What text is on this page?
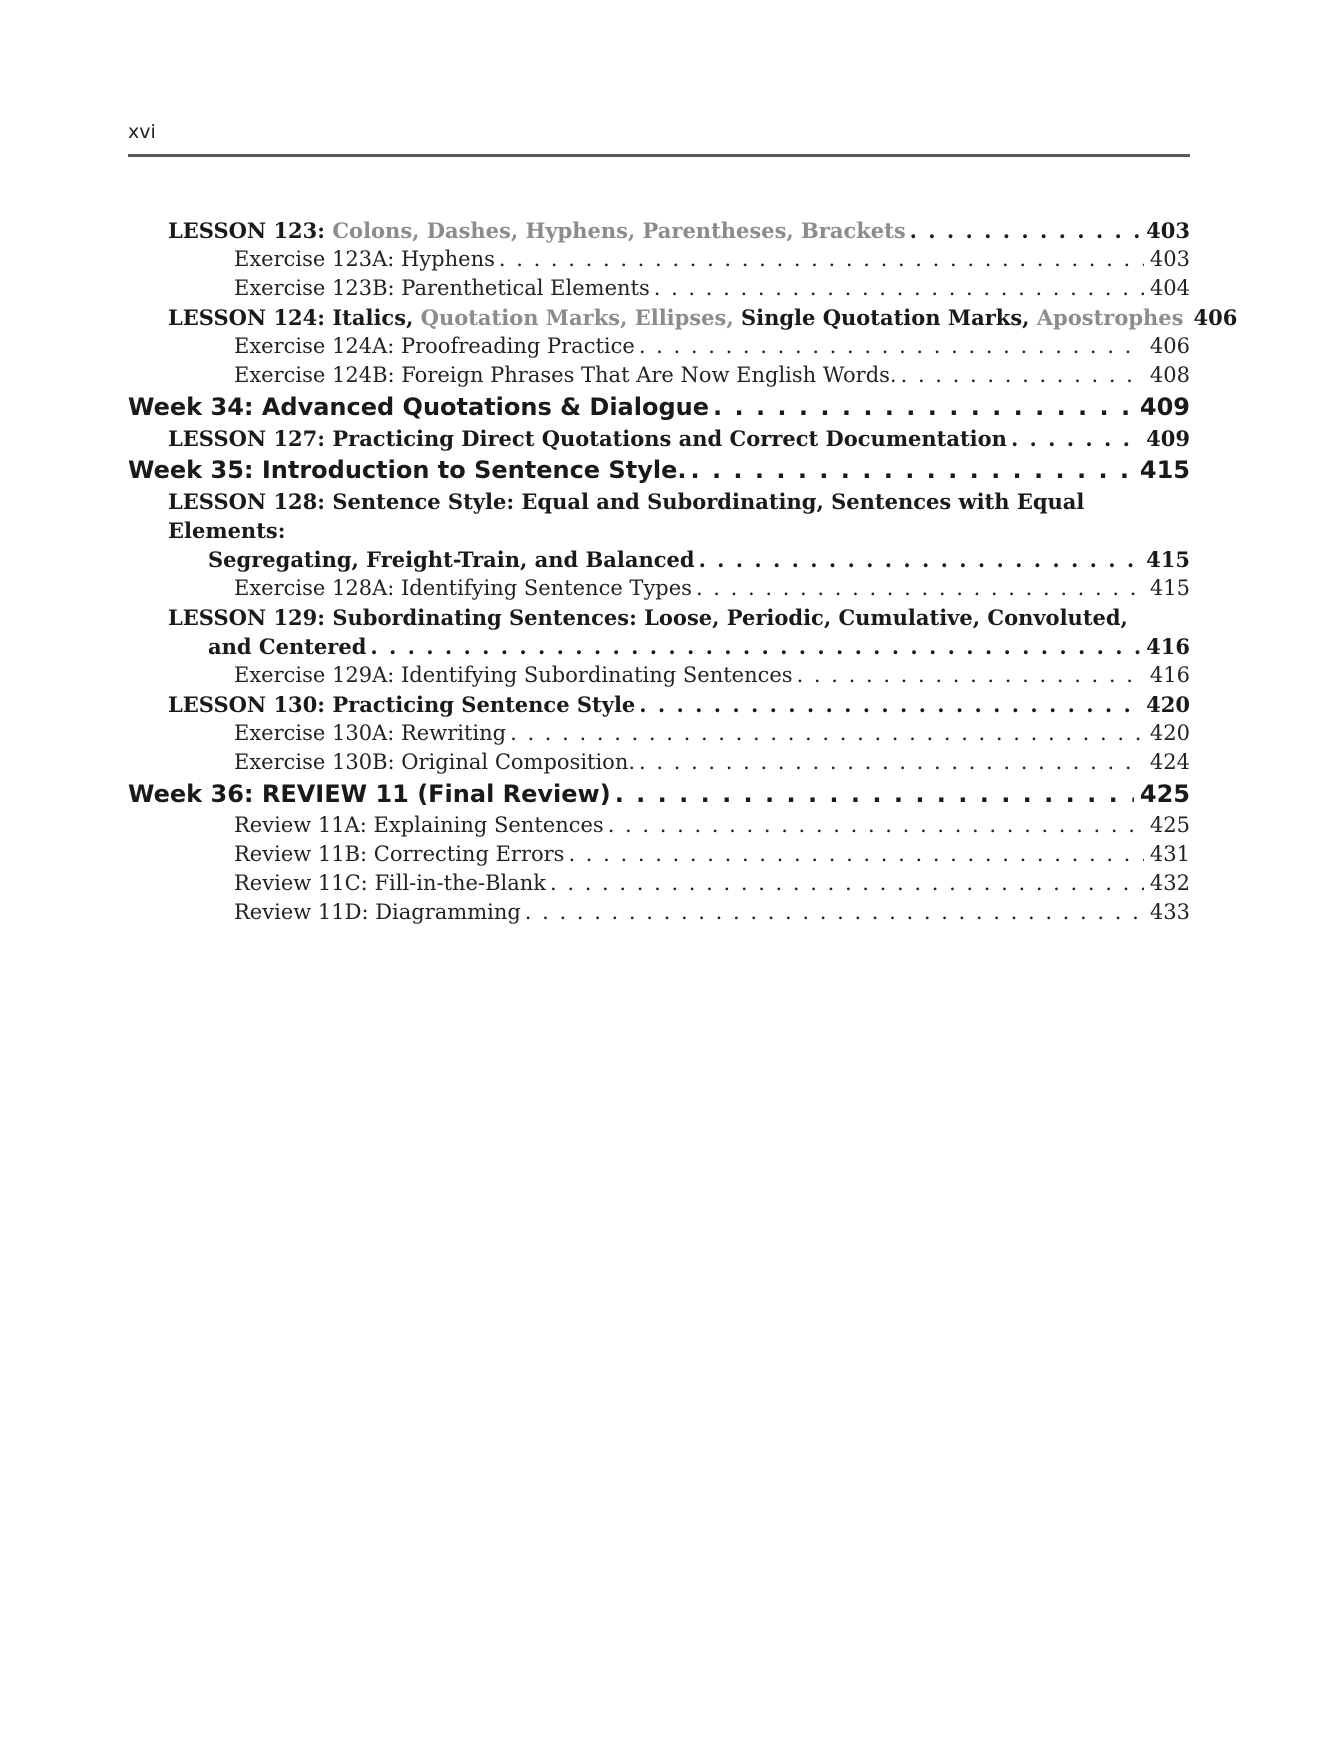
xvi
LESSON 123: Colons, Dashes, Hyphens, Parentheses, Brackets . . .	403
Exercise 123A: Hyphens . . .	403
Exercise 123B: Parenthetical Elements . . .	404
LESSON 124: Italics, Quotation Marks, Ellipses, Single Quotation Marks, Apostrophes 406
Exercise 124A: Proofreading Practice . . .	406
Exercise 124B: Foreign Phrases That Are Now English Words. . . .	408
Week 34: Advanced Quotations & Dialogue . . .	409
LESSON 127: Practicing Direct Quotations and Correct Documentation . . .	409
Week 35: Introduction to Sentence Style. . . .	415
LESSON 128: Sentence Style: Equal and Subordinating, Sentences with Equal Elements:
Segregating, Freight-Train, and Balanced . . .	415
Exercise 128A: Identifying Sentence Types . . .	415
LESSON 129: Subordinating Sentences: Loose, Periodic, Cumulative, Convoluted,
and Centered . . .	416
Exercise 129A: Identifying Subordinating Sentences . . .	416
LESSON 130: Practicing Sentence Style . . .	420
Exercise 130A: Rewriting . . .	420
Exercise 130B: Original Composition. . . .	424
Week 36: REVIEW 11 (Final Review) . . .	425
Review 11A: Explaining Sentences . . .	425
Review 11B: Correcting Errors . . .	431
Review 11C: Fill-in-the-Blank . . .	432
Review 11D: Diagramming . . .	433
